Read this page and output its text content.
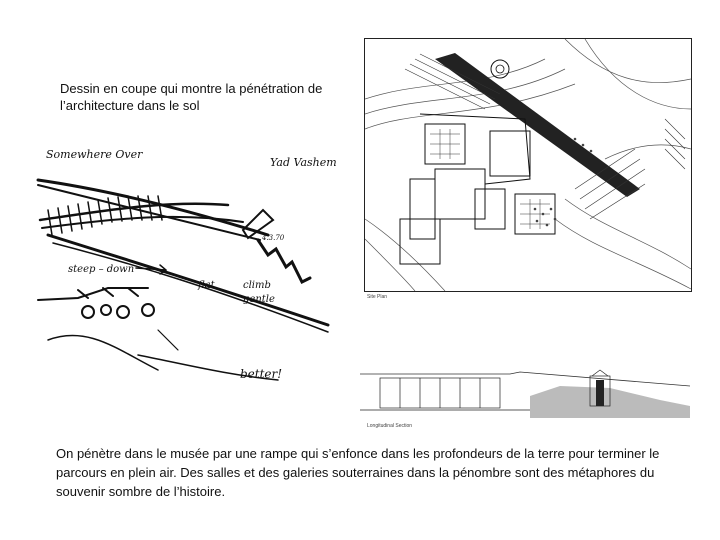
Dessin en coupe qui montre la pénétration de l’architecture dans le sol
Somewhere Over
Yad Vashem
4.3.70
steep – down
flat	climb
gentle
better!
Site Plan
Longitudinal Section
On pénètre dans le musée par une rampe qui s’enfonce dans les profondeurs de la terre pour terminer le parcours en plein air. Des salles et des galeries souterraines dans la pénombre sont des métaphores du souvenir sombre de l’histoire.
